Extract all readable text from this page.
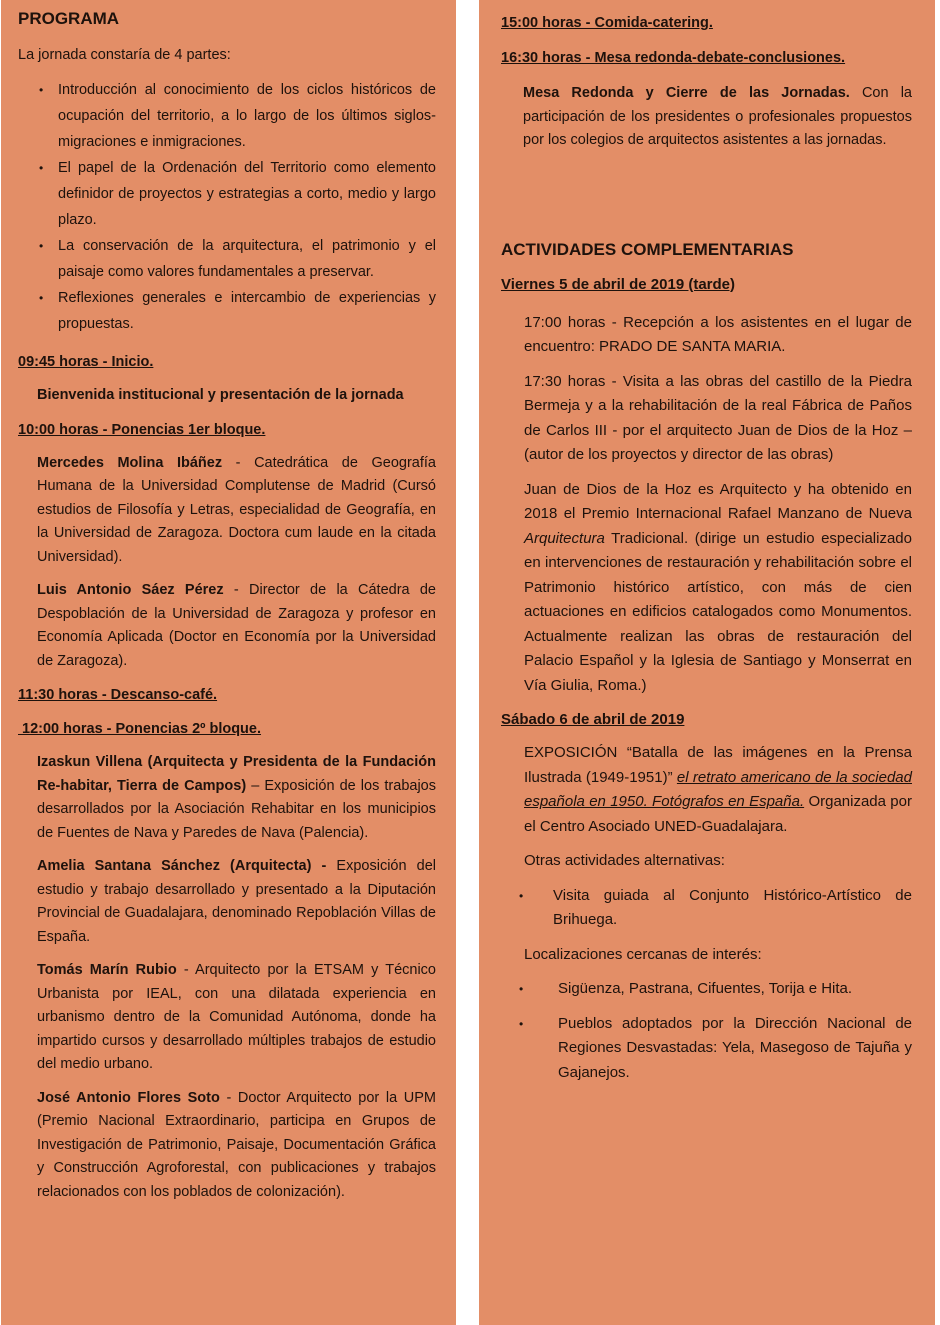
PROGRAMA

La jornada constaría de 4 partes:

• Introducción al conocimiento de los ciclos históricos de ocupación del territorio, a lo largo de los últimos siglos- migraciones e inmigraciones.
• El papel de la Ordenación del Territorio como elemento definidor de proyectos y estrategias a corto, medio y largo plazo.
• La conservación de la arquitectura, el patrimonio y el paisaje como valores fundamentales a preservar.
• Reflexiones generales e intercambio de experiencias y propuestas.

09:45 horas - Inicio.

Bienvenida institucional y presentación de la jornada

10:00 horas - Ponencias 1er bloque.

Mercedes Molina Ibáñez - Catedrática de Geografía Humana de la Universidad Complutense de Madrid (Cursó estudios de Filosofía y Letras, especialidad de Geografía, en la Universidad de Zaragoza. Doctora cum laude en la citada Universidad).

Luis Antonio Sáez Pérez - Director de la Cátedra de Despoblación de la Universidad de Zaragoza y profesor en Economía Aplicada (Doctor en Economía por la Universidad de Zaragoza).

11:30 horas - Descanso-café.

12:00 horas - Ponencias 2º bloque.

Izaskun Villena (Arquitecta y Presidenta de la Fundación Re-habitar, Tierra de Campos) – Exposición de los trabajos desarrollados por la Asociación Rehabitar en los municipios de Fuentes de Nava y Paredes de Nava (Palencia).

Amelia Santana Sánchez (Arquitecta) - Exposición del estudio y trabajo desarrollado y presentado a la Diputación Provincial de Guadalajara, denominado Repoblación Villas de España.

Tomás Marín Rubio - Arquitecto por la ETSAM y Técnico Urbanista por IEAL, con una dilatada experiencia en urbanismo dentro de la Comunidad Autónoma, donde ha impartido cursos y desarrollado múltiples trabajos de estudio del medio urbano.

José Antonio Flores Soto - Doctor Arquitecto por la UPM (Premio Nacional Extraordinario, participa en Grupos de Investigación de Patrimonio, Paisaje, Documentación Gráfica y Construcción Agroforestal, con publicaciones y trabajos relacionados con los poblados de colonización).

15:00 horas - Comida-catering.

16:30 horas - Mesa redonda-debate-conclusiones.

Mesa Redonda y Cierre de las Jornadas. Con la participación de los presidentes o profesionales propuestos por los colegios de arquitectos asistentes a las jornadas.

ACTIVIDADES COMPLEMENTARIAS

Viernes 5 de abril de 2019 (tarde)

17:00 horas - Recepción a los asistentes en el lugar de encuentro: PRADO DE SANTA MARIA.

17:30 horas - Visita a las obras del castillo de la Piedra Bermeja y a la rehabilitación de la real Fábrica de Paños de Carlos III - por el arquitecto Juan de Dios de la Hoz – (autor de los proyectos y director de las obras)

Juan de Dios de la Hoz es Arquitecto y ha obtenido en 2018 el Premio Internacional Rafael Manzano de Nueva Arquitectura Tradicional. (dirige un estudio especializado en intervenciones de restauración y rehabilitación sobre el Patrimonio histórico artístico, con más de cien actuaciones en edificios catalogados como Monumentos. Actualmente realizan las obras de restauración del Palacio Español y la Iglesia de Santiago y Monserrat en Vía Giulia, Roma.)

Sábado 6 de abril de 2019

EXPOSICIÓN “Batalla de las imágenes en la Prensa Ilustrada (1949-1951)” el retrato americano de la sociedad española en 1950. Fotógrafos en España. Organizada por el Centro Asociado UNED-Guadalajara.

Otras actividades alternativas:

• Visita guiada al Conjunto Histórico-Artístico de Brihuega.

Localizaciones cercanas de interés:

• Sigüenza, Pastrana, Cifuentes, Torija e Hita.
• Pueblos adoptados por la Dirección Nacional de Regiones Desvastadas: Yela, Masegoso de Tajuña y Gajanejos.
